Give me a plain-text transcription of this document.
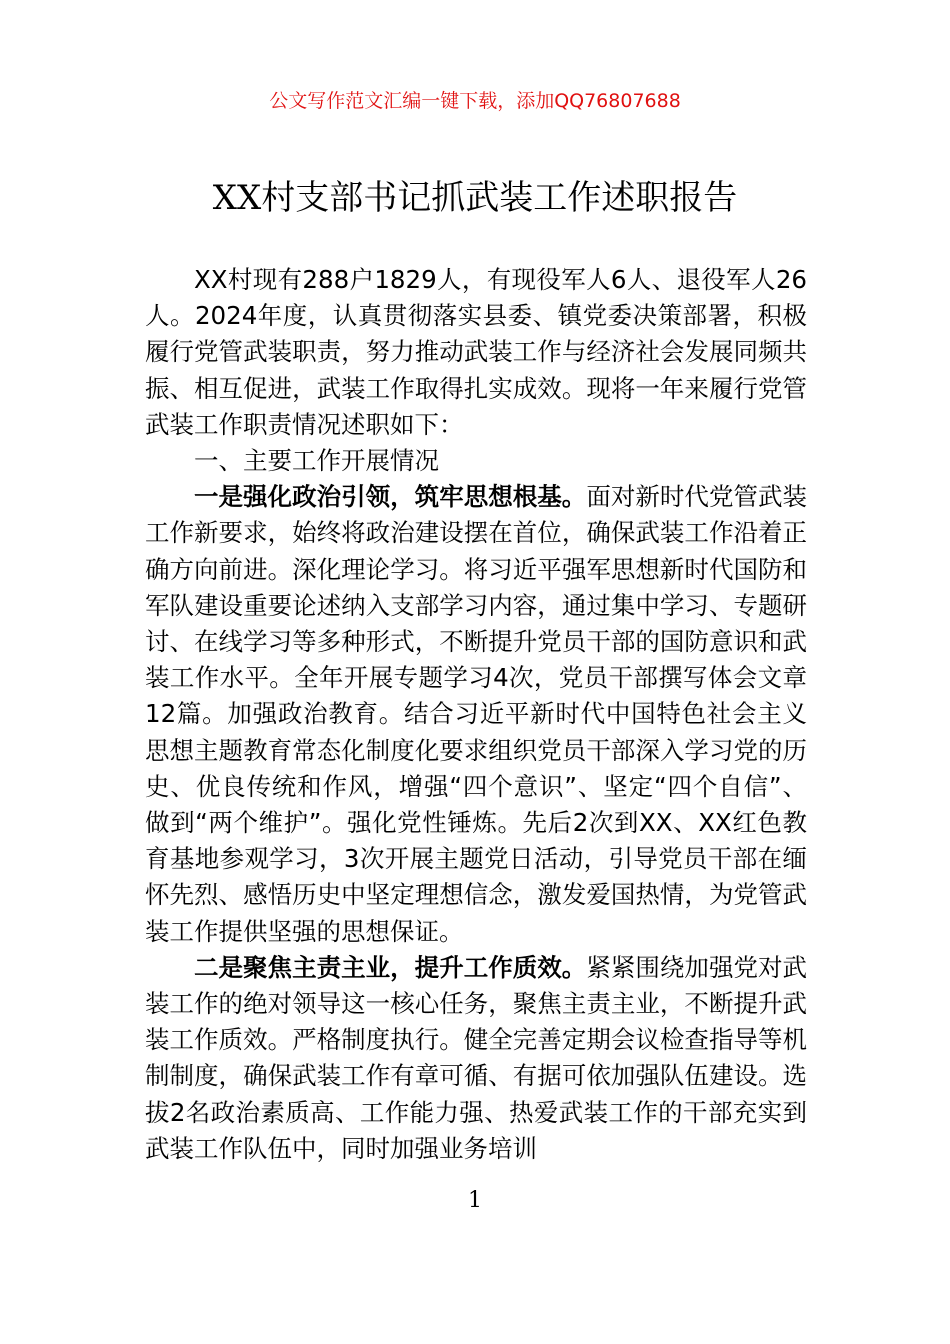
公文写作范文汇编一键下载，添加QQ76807688
XX村支部书记抓武装工作述职报告

XX村现有288户1829人，有现役军人6人、退役军人26人。2024年度，认真贯彻落实县委、镇党委决策部署，积极履行党管武装职责，努力推动武装工作与经济社会发展同频共振、相互促进，武装工作取得扎实成效。现将一年来履行党管武装工作职责情况述职如下：

一、主要工作开展情况

一是强化政治引领，筑牢思想根基。面对新时代党管武装工作新要求，始终将政治建设摆在首位，确保武装工作沿着正确方向前进。深化理论学习。将习近平强军思想新时代国防和军队建设重要论述纳入支部学习内容，通过集中学习、专题研讨、在线学习等多种形式，不断提升党员干部的国防意识和武装工作水平。全年开展专题学习4次，党员干部撰写体会文章12篇。加强政治教育。结合习近平新时代中国特色社会主义思想主题教育常态化制度化要求组织党员干部深入学习党的历史、优良传统和作风，增强“四个意识”、坚定“四个自信”、做到“两个维护”。强化党性锤炼。先后2次到XX、XX红色教育基地参观学习，3次开展主题党日活动，引导党员干部在缅怀先烈、感悟历史中坚定理想信念，激发爱国热情，为党管武装工作提供坚强的思想保证。

二是聚焦主责主业，提升工作质效。紧紧围绕加强党对武装工作的绝对领导这一核心任务，聚焦主责主业，不断提升武装工作质效。严格制度执行。健全完善定期会议检查指导等机制制度，确保武装工作有章可循、有据可依加强队伍建设。选拔2名政治素质高、工作能力强、热爱武装工作的干部充实到武装工作队伍中，同时加强业务培训

1
